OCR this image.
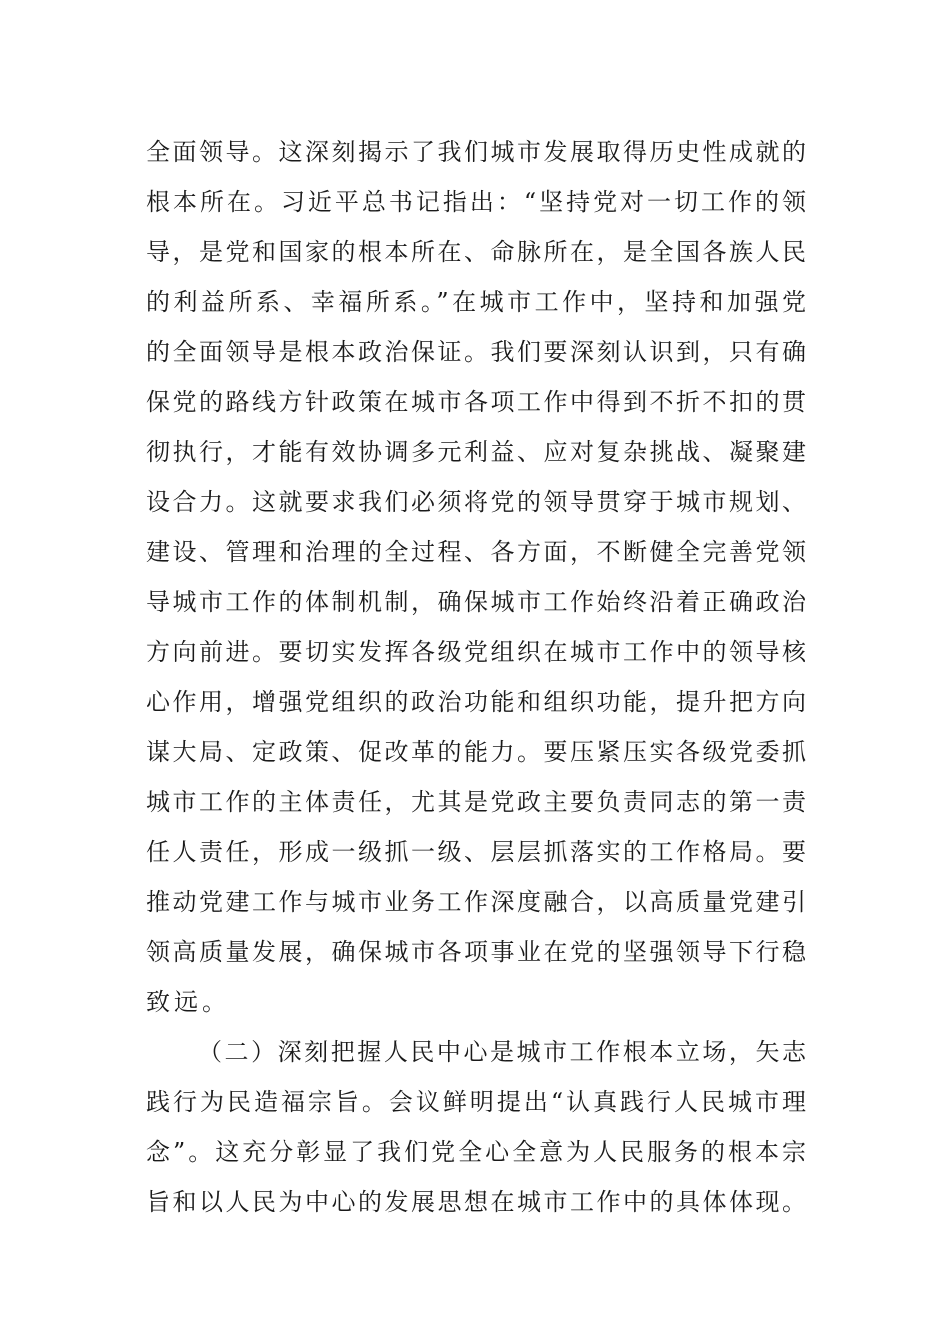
全面领导。这深刻揭示了我们城市发展取得历史性成就的
根本所在。习近平总书记指出：“坚持党对一切工作的领
导，是党和国家的根本所在、命脉所在，是全国各族人民
的利益所系、幸福所系。”在城市工作中，坚持和加强党
的全面领导是根本政治保证。我们要深刻认识到，只有确
保党的路线方针政策在城市各项工作中得到不折不扣的贯
彻执行，才能有效协调多元利益、应对复杂挑战、凝聚建
设合力。这就要求我们必须将党的领导贯穿于城市规划、
建设、管理和治理的全过程、各方面，不断健全完善党领
导城市工作的体制机制，确保城市工作始终沿着正确政治
方向前进。要切实发挥各级党组织在城市工作中的领导核
心作用，增强党组织的政治功能和组织功能，提升把方向
谋大局、定政策、促改革的能力。要压紧压实各级党委抓
城市工作的主体责任，尤其是党政主要负责同志的第一责
任人责任，形成一级抓一级、层层抓落实的工作格局。要
推动党建工作与城市业务工作深度融合，以高质量党建引
领高质量发展，确保城市各项事业在党的坚强领导下行稳
致远。
（二）深刻把握人民中心是城市工作根本立场，矢志
践行为民造福宗旨。会议鲜明提出“认真践行人民城市理
念”。这充分彰显了我们党全心全意为人民服务的根本宗
旨和以人民为中心的发展思想在城市工作中的具体体现。
